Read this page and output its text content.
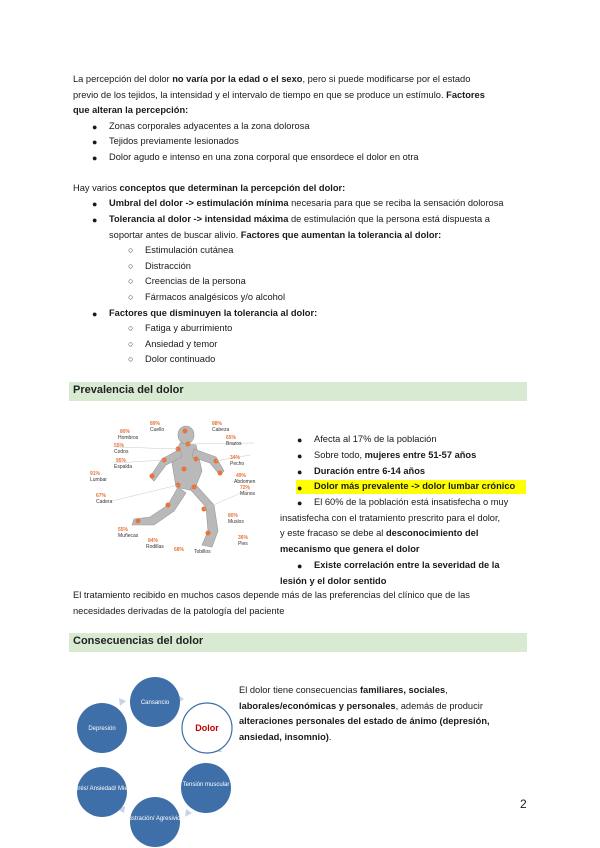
La percepción del dolor no varía por la edad o el sexo, pero si puede modificarse por el estado
previo de los tejidos, la intensidad y el intervalo de tiempo en que se produce un estímulo. Factores
que alteran la percepción:
● Zonas corporales adyacentes a la zona dolorosa
● Tejidos previamente lesionados
● Dolor agudo e intenso en una zona corporal que ensordece el dolor en otra
Hay varios conceptos que determinan la percepción del dolor:
● Umbral del dolor -> estimulación mínima necesaria para que se reciba la sensación dolorosa
● Tolerancia al dolor -> intensidad máxima de estimulación que la persona está dispuesta a
soportar antes de buscar alivio. Factores que aumentan la tolerancia al dolor:
○ Estimulación cutánea
○ Distracción
○ Creencias de la persona
○ Fármacos analgésicos y/o alcohol
● Factores que disminuyen la tolerancia al dolor:
○ Fatiga y aburrimiento
○ Ansiedad y temor
○ Dolor continuado
Prevalencia del dolor
89%
Cuello
80%
Hombros
55%
Codos
95%
Espalda
91%
Lumbar
67%
Cadera
55%
Muñecas
84%
Rodillas 68% Tobillos
88%
Cabeza
65%
Brazos
34%
Pecho
49%
Abdomen
72%
Manos
80%
Muslos
36%
Pies
● Afecta al 17% de la población
● Sobre todo, mujeres entre 51-57 años
● Duración entre 6-14 años
● Dolor más prevalente -> dolor lumbar crónico
●	El 60% de la población está insatisfecha o muy
insatisfecha con el tratamiento prescrito para el dolor,
y este fracaso se debe al desconocimiento del
mecanismo que genera el dolor
●	Existe correlación entre la severidad de la
lesión y el dolor sentido
El tratamiento recibido en muchos casos depende más de las preferencias del clínico que de las
necesidades derivadas de la patología del paciente
Consecuencias del dolor
Cansancio
Tensión muscular
Frustración/ Agresividad
Estrés/ Ansiedad/ Miedo
Depresión	Dolor
El dolor tiene consecuencias familiares, sociales,
laborales/económicas y personales, además de producir
alteraciones personales del estado de ánimo (depresión,
ansiedad, insomnio).
2
